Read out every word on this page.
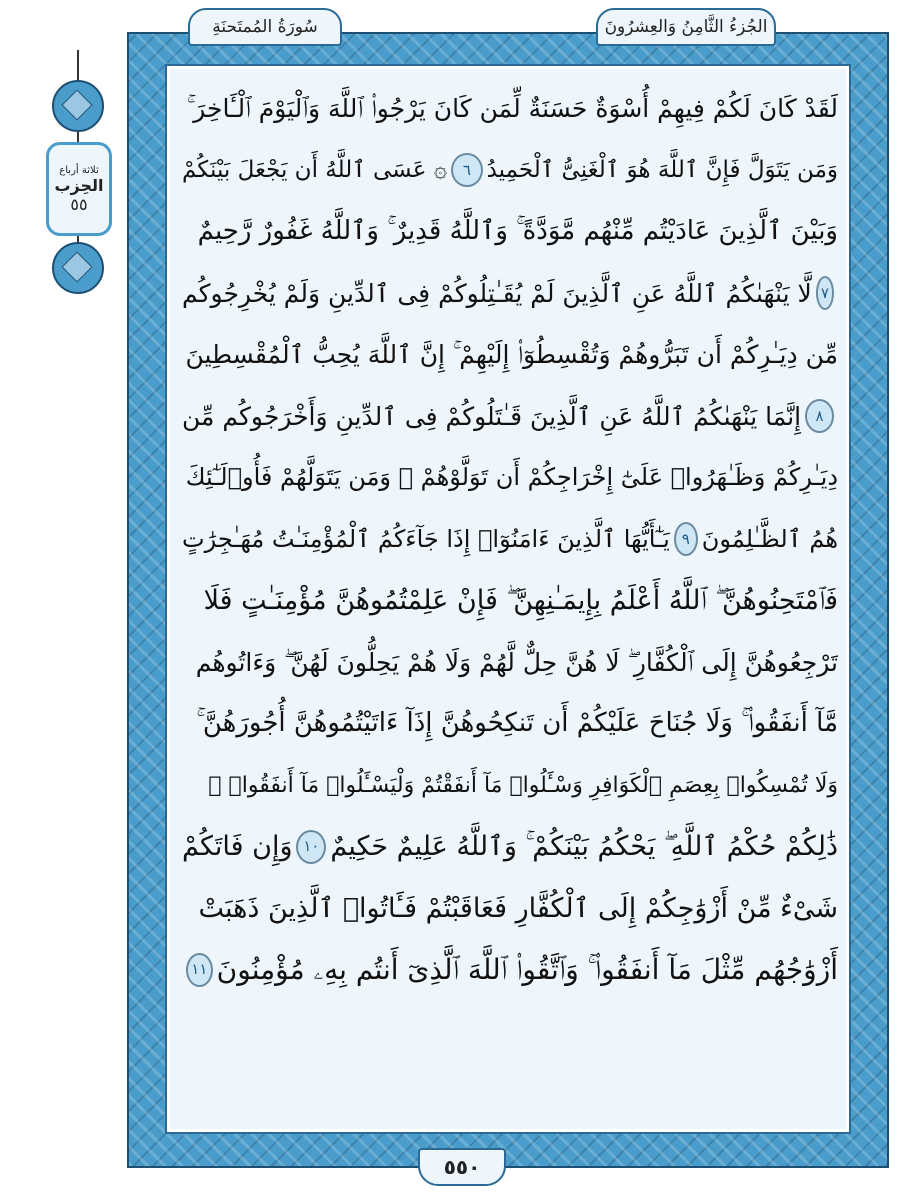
ثلاثة أرباع
الحِزب
٥٥
سُورَةُ المُمتَحنَةِ	الجُزءُ الثَّامِنُ وَالعِشرُونَ
لَقَدْ كَانَ لَكُمْ فِيهِمْ أُسْوَةٌ حَسَنَةٌ لِّمَن كَانَ يَرْجُوا۟ ٱللَّهَ وَٱلْيَوْمَ ٱلْـَٔاخِرَ ۚ
وَمَن يَتَوَلَّ فَإِنَّ ٱللَّهَ هُوَ ٱلْغَنِىُّ ٱلْحَمِيدُ
٦
۞ عَسَى ٱللَّهُ أَن يَجْعَلَ بَيْنَكُمْ
وَبَيْنَ ٱلَّذِينَ عَادَيْتُم مِّنْهُم مَّوَدَّةً ۚ وَٱللَّهُ قَدِيرٌ ۚ وَٱللَّهُ غَفُورٌ رَّحِيمٌ
٧
لَّا يَنْهَىٰكُمُ ٱللَّهُ عَنِ ٱلَّذِينَ لَمْ يُقَـٰتِلُوكُمْ فِى ٱلدِّينِ وَلَمْ يُخْرِجُوكُم
مِّن دِيَـٰرِكُمْ أَن تَبَرُّوهُمْ وَتُقْسِطُوٓا۟ إِلَيْهِمْ ۚ إِنَّ ٱللَّهَ يُحِبُّ ٱلْمُقْسِطِينَ
٨
إِنَّمَا يَنْهَىٰكُمُ ٱللَّهُ عَنِ ٱلَّذِينَ قَـٰتَلُوكُمْ فِى ٱلدِّينِ وَأَخْرَجُوكُم مِّن
دِيَـٰرِكُمْ وَظَـٰهَرُوا۟ عَلَىٰٓ إِخْرَاجِكُمْ أَن تَوَلَّوْهُمْ ۚ وَمَن يَتَوَلَّهُمْ فَأُو۟لَـٰٓئِكَ
هُمُ ٱلظَّـٰلِمُونَ
٩
يَـٰٓأَيُّهَا ٱلَّذِينَ ءَامَنُوٓا۟ إِذَا جَآءَكُمُ ٱلْمُؤْمِنَـٰتُ مُهَـٰجِرَٰتٍ
فَٱمْتَحِنُوهُنَّ ۖ ٱللَّهُ أَعْلَمُ بِإِيمَـٰنِهِنَّ ۖ فَإِنْ عَلِمْتُمُوهُنَّ مُؤْمِنَـٰتٍ فَلَا
تَرْجِعُوهُنَّ إِلَى ٱلْكُفَّارِ ۖ لَا هُنَّ حِلٌّ لَّهُمْ وَلَا هُمْ يَحِلُّونَ لَهُنَّ ۖ وَءَاتُوهُم
مَّآ أَنفَقُوا۟ ۚ وَلَا جُنَاحَ عَلَيْكُمْ أَن تَنكِحُوهُنَّ إِذَآ ءَاتَيْتُمُوهُنَّ أُجُورَهُنَّ ۚ
وَلَا تُمْسِكُوا۟ بِعِصَمِ ٱلْكَوَافِرِ وَسْـَٔلُوا۟ مَآ أَنفَقْتُمْ وَلْيَسْـَٔلُوا۟ مَآ أَنفَقُوا۟ ۚ
ذَٰلِكُمْ حُكْمُ ٱللَّهِ ۖ يَحْكُمُ بَيْنَكُمْ ۚ وَٱللَّهُ عَلِيمٌ حَكِيمٌ
١٠
وَإِن فَاتَكُمْ
شَىْءٌ مِّنْ أَزْوَٰجِكُمْ إِلَى ٱلْكُفَّارِ فَعَاقَبْتُمْ فَـَٔاتُوا۟ ٱلَّذِينَ ذَهَبَتْ
أَزْوَٰجُهُم مِّثْلَ مَآ أَنفَقُوا۟ ۚ وَٱتَّقُوا۟ ٱللَّهَ ٱلَّذِىٓ أَنتُم بِهِۦ مُؤْمِنُونَ
١١
٥٥٠
